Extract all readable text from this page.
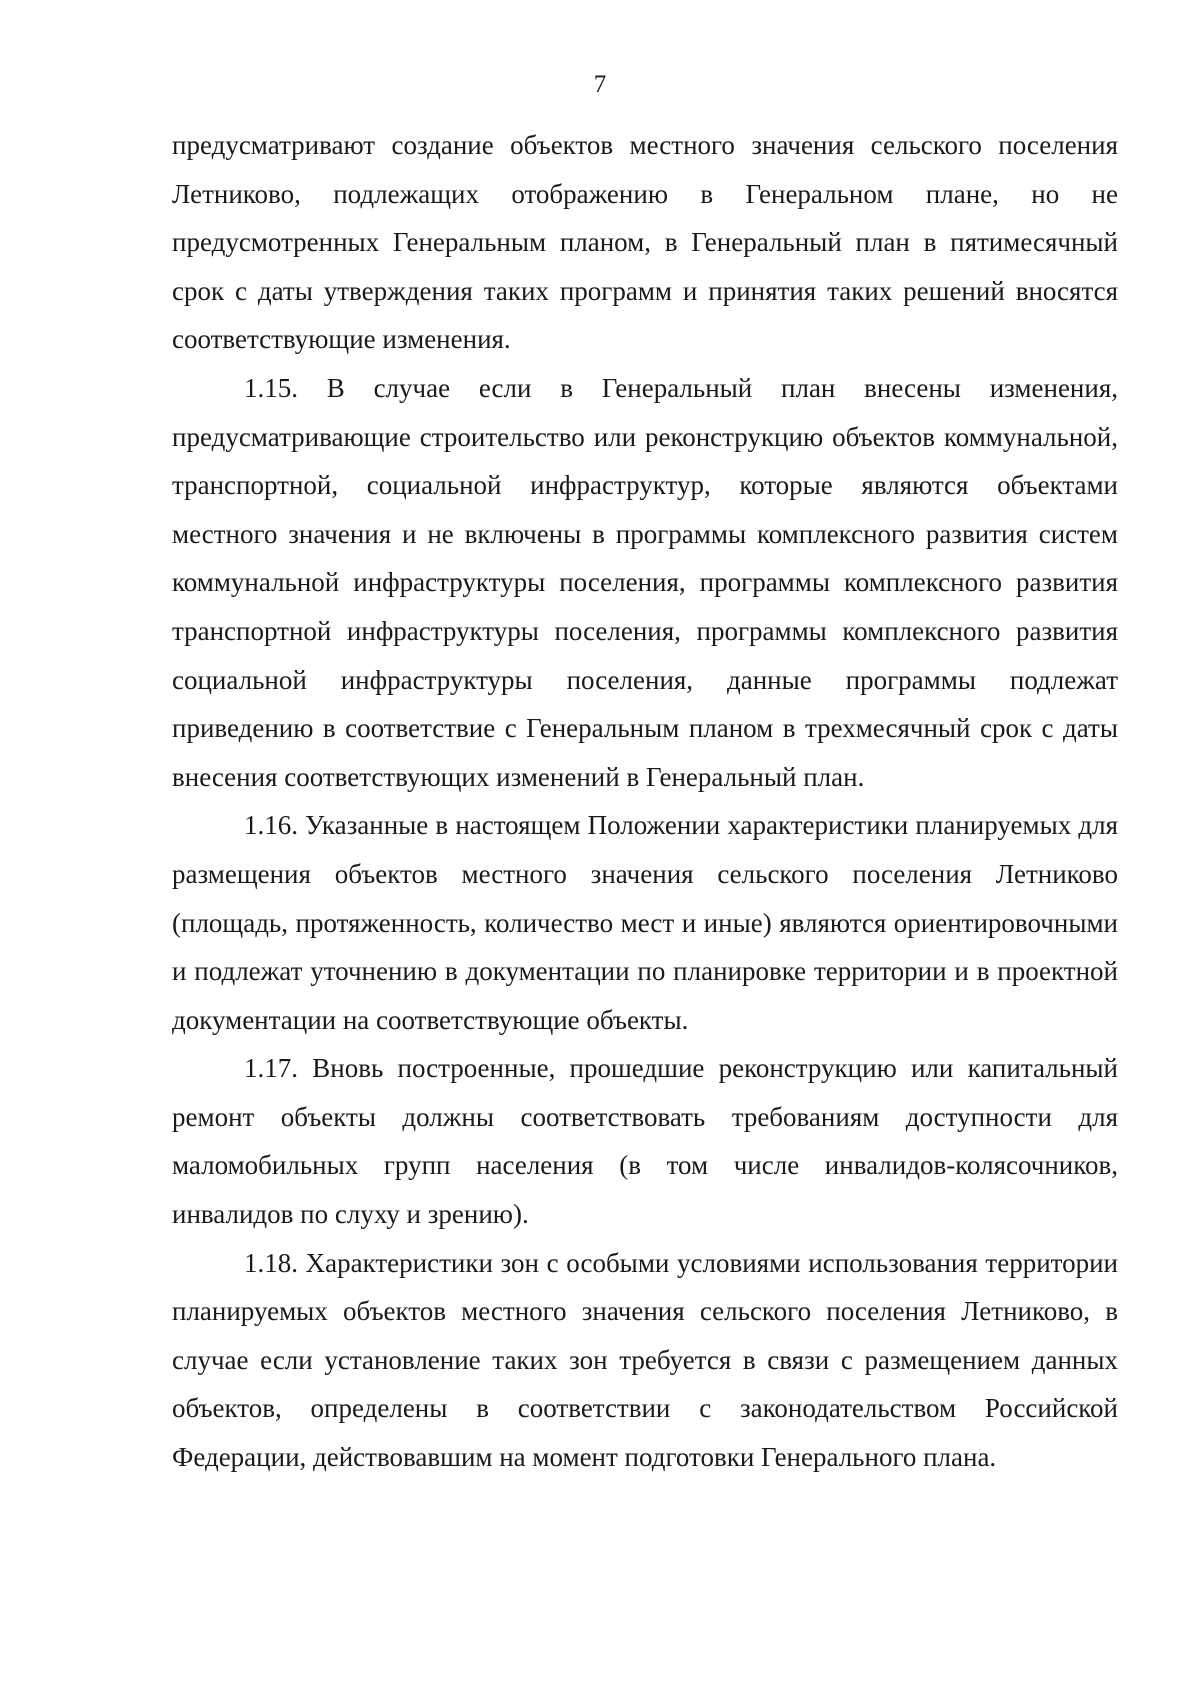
7

предусматривают создание объектов местного значения сельского поселения Летниково, подлежащих отображению в Генеральном плане, но не предусмотренных Генеральным планом, в Генеральный план в пятимесячный срок с даты утверждения таких программ и принятия таких решений вносятся соответствующие изменения.

1.15. В случае если в Генеральный план внесены изменения, предусматривающие строительство или реконструкцию объектов коммунальной, транспортной, социальной инфраструктур, которые являются объектами местного значения и не включены в программы комплексного развития систем коммунальной инфраструктуры поселения, программы комплексного развития транспортной инфраструктуры поселения, программы комплексного развития социальной инфраструктуры поселения, данные программы подлежат приведению в соответствие с Генеральным планом в трехмесячный срок с даты внесения соответствующих изменений в Генеральный план.

1.16. Указанные в настоящем Положении характеристики планируемых для размещения объектов местного значения сельского поселения Летниково (площадь, протяженность, количество мест и иные) являются ориентировочными и подлежат уточнению в документации по планировке территории и в проектной документации на соответствующие объекты.

1.17. Вновь построенные, прошедшие реконструкцию или капитальный ремонт объекты должны соответствовать требованиям доступности для маломобильных групп населения (в том числе инвалидов-колясочников, инвалидов по слуху и зрению).

1.18. Характеристики зон с особыми условиями использования территории планируемых объектов местного значения сельского поселения Летниково, в случае если установление таких зон требуется в связи с размещением данных объектов, определены в соответствии с законодательством Российской Федерации, действовавшим на момент подготовки Генерального плана.
